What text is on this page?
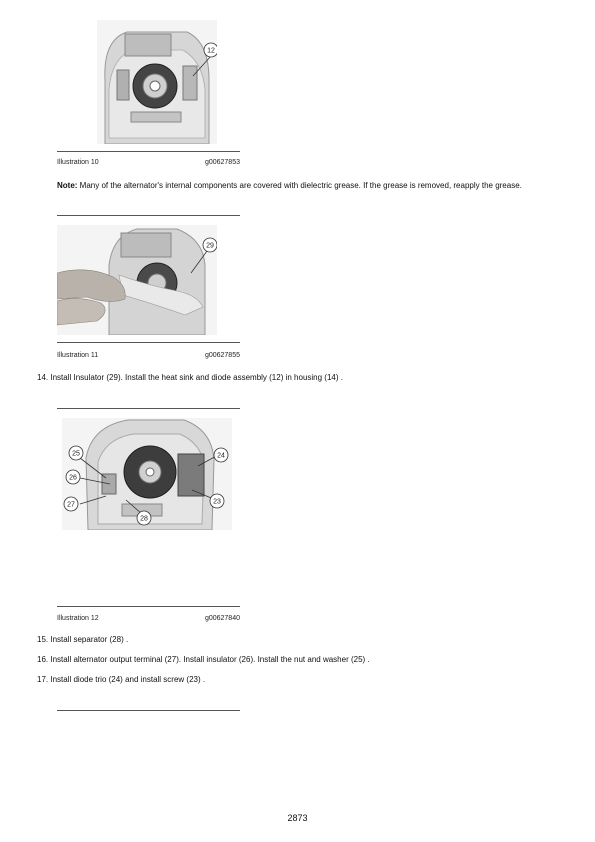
12
Illustration 10	g00627853
Note: Many of the alternator's internal components are covered with dielectric grease. If the grease is removed, reapply the grease.
29
Illustration 11	g00627855
14. Install Insulator (29). Install the heat sink and diode assembly (12) in housing (14) .
25
26
27
28
24
23
Illustration 12	g00627840
15. Install separator (28) .
16. Install alternator output terminal (27). Install insulator (26). Install the nut and washer (25) .
17. Install diode trio (24) and install screw (23) .
2873
